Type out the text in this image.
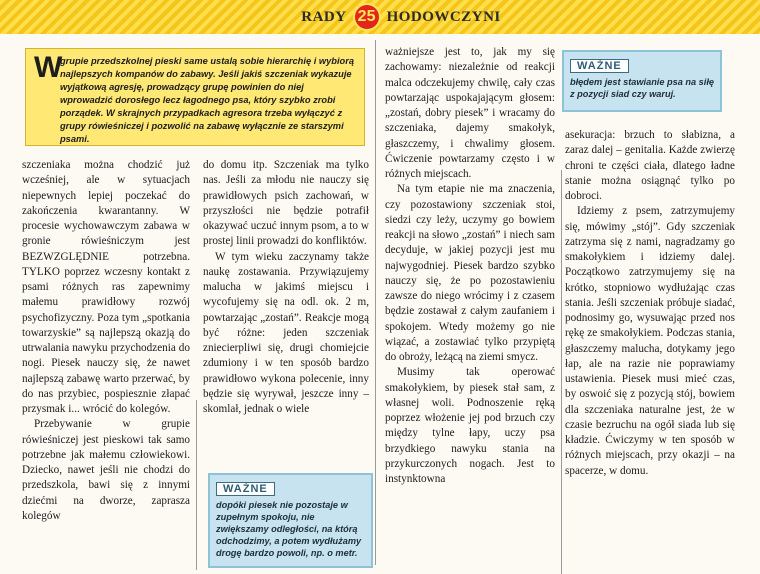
RADY 25 HODOWCZYNI
W
grupie przedszkolnej pieski same ustalą sobie hierarchię i wybiorą najlepszych kompanów do zabawy. Jeśli jakiś szczeniak wykazuje wyjątkową agresję, prowadzący grupę powinien do niej wprowadzić dorosłego lecz łagodnego psa, który szybko zrobi porządek. W skrajnych przypadkach agresora trzeba wyłączyć z grupy rówieśniczej i pozwolić na zabawę wyłącznie ze starszymi psami.

szczeniaka można chodzić już wcześniej, ale w sytuacjach niepewnych lepiej poczekać do zakończenia kwarantanny. W procesie wychowawczym zabawa w gronie rówieśniczym jest BEZWZGLĘDNIE potrzebna. TYLKO poprzez wczesny kontakt z psami różnych ras zapewnimy małemu prawidłowy rozwój psychofizyczny. Poza tym „spotkania towarzyskie” są najlepszą okazją do utrwalania nawyku przychodzenia do nogi. Piesek nauczy się, że nawet najlepszą zabawę warto przerwać, by do nas przybiec, pospiesznie złapać przysmak i... wrócić do kolegów.

Przebywanie w grupie rówieśniczej jest pieskowi tak samo potrzebne jak małemu człowiekowi. Dziecko, nawet jeśli nie chodzi do przedszkola, bawi się z innymi dziećmi na dworze, zaprasza kolegów

do domu itp. Szczeniak ma tylko nas. Jeśli za młodu nie nauczy się prawidłowych psich zachowań, w przyszłości nie będzie potrafił okazywać uczuć innym psom, a to w prostej linii prowadzi do konfliktów.

W tym wieku zaczynamy także naukę zostawania. Przywiązujemy malucha w jakimś miejscu i wycofujemy się na odl. ok. 2 m, powtarzając „zostań”. Reakcje mogą być różne: jeden szczeniak zniecierpliwi się, drugi chomiejcie zdumiony i w ten sposób bardzo prawidłowo wykona polecenie, inny będzie się wyrywał, jeszcze inny – skomlał, jednak o wiele

WAŻNE
dopóki piesek nie pozostaje w zupełnym spokoju, nie zwiększamy odległości, na którą odchodzimy, a potem wydłużamy drogę bardzo powoli, np. o metr.

ważniejsze jest to, jak my się zachowamy: niezależnie od reakcji malca odczekujemy chwilę, cały czas powtarzając uspokajającym głosem: „zostań, dobry piesek” i wracamy do szczeniaka, dajemy smakołyk, głaszczemy, i chwalimy głosem. Ćwiczenie powtarzamy często i w różnych miejscach.

Na tym etapie nie ma znaczenia, czy pozostawiony szczeniak stoi, siedzi czy leży, uczymy go bowiem reakcji na słowo „zostań” i niech sam decyduje, w jakiej pozycji jest mu najwygodniej. Piesek bardzo szybko nauczy się, że po pozostawieniu zawsze do niego wrócimy i z czasem będzie zostawał z całym zaufaniem i spokojem. Wtedy możemy go nie wiązać, a zostawiać tylko przypiętą do obroży, leżącą na ziemi smycz.

Musimy tak operować smakołykiem, by piesek stał sam, z własnej woli. Podnoszenie ręką poprzez włożenie jej pod brzuch czy między tylne łapy, uczy psa brzydkiego nawyku stania na przykurczonych nogach. Jest to instynktowna

WAŻNE
błędem jest stawianie psa na siłę z pozycji siad czy waruj.

asekuracja: brzuch to słabizna, a zaraz dalej – genitalia. Każde zwierzę chroni te części ciała, dlatego ładne stanie można osiągnąć tylko po dobroci.

Idziemy z psem, zatrzymujemy się, mówimy „stój”. Gdy szczeniak zatrzyma się z nami, nagradzamy go smakołykiem i idziemy dalej. Początkowo zatrzymujemy się na krótko, stopniowo wydłużając czas stania. Jeśli szczeniak próbuje siadać, podnosimy go, wysuwając przed nos rękę ze smakołykiem. Podczas stania, głaszczemy malucha, dotykamy jego łap, ale na razie nie poprawiamy ustawienia. Piesek musi mieć czas, by oswoić się z pozycją stój, bowiem dla szczeniaka naturalne jest, że w czasie bezruchu na ogół siada lub się kładzie. Ćwiczymy w ten sposób w różnych miejscach, przy okazji – na spacerze, w domu.
